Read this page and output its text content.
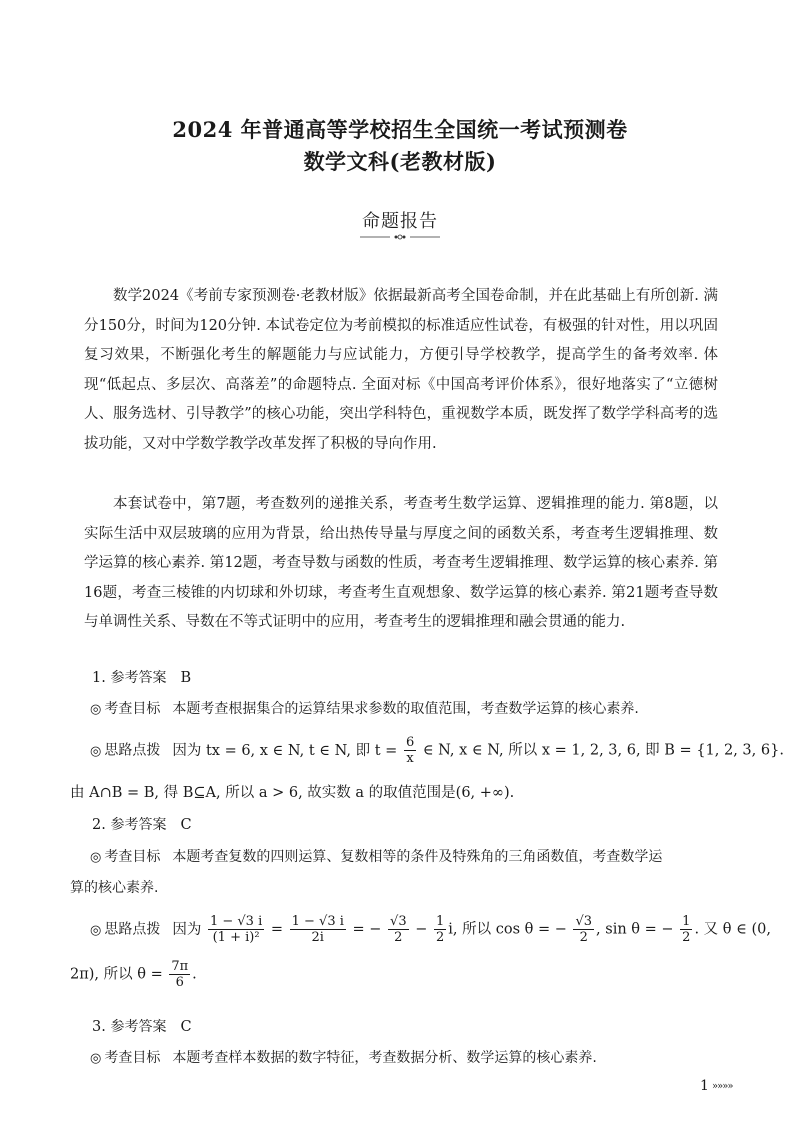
2024 年普通高等学校招生全国统一考试预测卷
数学文科(老教材版)
命题报告

数学2024《考前专家预测卷·老教材版》依据最新高考全国卷命制，并在此基础上有所创新. 满分150分，时间为120分钟. 本试卷定位为考前模拟的标准适应性试卷，有极强的针对性，用以巩固复习效果，不断强化考生的解题能力与应试能力，方便引导学校教学，提高学生的备考效率. 体现“低起点、多层次、高落差”的命题特点. 全面对标《中国高考评价体系》，很好地落实了“立德树人、服务选材、引导教学”的核心功能，突出学科特色，重视数学本质，既发挥了数学学科高考的选拔功能，又对中学数学教学改革发挥了积极的导向作用.

本套试卷中，第7题，考查数列的递推关系，考查考生数学运算、逻辑推理的能力. 第8题，以实际生活中双层玻璃的应用为背景，给出热传导量与厚度之间的函数关系，考查考生逻辑推理、数学运算的核心素养. 第12题，考查导数与函数的性质，考查考生逻辑推理、数学运算的核心素养. 第16题，考查三棱锥的内切球和外切球，考查考生直观想象、数学运算的核心素养. 第21题考查导数与单调性关系、导数在不等式证明中的应用，考查考生的逻辑推理和融会贯通的能力.

1. 参考答案 B
◎ 考查目标 本题考查根据集合的运算结果求参数的取值范围，考查数学运算的核心素养.
◎ 思路点拨 因为 tx = 6, x ∈ N, t ∈ N, 即 $t = \frac{6}{x}$ ∈ N, x ∈ N, 所以 x = 1, 2, 3, 6, 即 B = {1, 2, 3, 6}.
由 A∩B = B, 得 B⊆A, 所以 a > 6, 故实数 a 的取值范围是(6, +∞).
2. 参考答案 C
◎ 考查目标 本题考查复数的四则运算、复数相等的条件及特殊角的三角函数值，考查数学运
算的核心素养.
◎ 思路点拨 因为 $\frac{1 - √3 i}{\text{(1 + i)²}} = \frac{1 - √3 i}{2i}$ = − $\frac{√3}{2} - \frac{1}{2} i$, 所以 cos θ = − $\frac{√3}{2}$ , sin θ = − $\frac{1}{2}$ . 又 θ ∈ (0,
2π), 所以 $\theta = \frac{7\pi}{6}$ .
3. 参考答案 C
◎ 考查目标 本题考查样本数据的数字特征，考查数据分析、数学运算的核心素养.
1 »»»»
